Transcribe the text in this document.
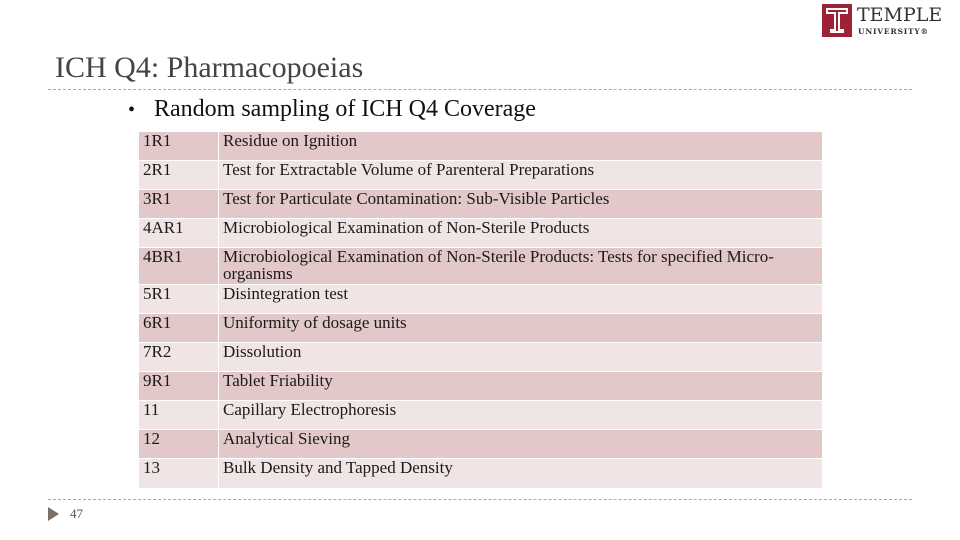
TEMPLE
UNIVERSITY®
ICH Q4: Pharmacopoeias
• Random sampling of ICH Q4 Coverage
1R1	Residue on Ignition
2R1	Test for Extractable Volume of Parenteral Preparations
3R1	Test for Particulate Contamination: Sub-Visible Particles
4AR1	Microbiological Examination of Non-Sterile Products
4BR1	Microbiological Examination of Non-Sterile Products: Tests for specified Micro-organisms
5R1	Disintegration test
6R1	Uniformity of dosage units
7R2	Dissolution
9R1	Tablet Friability
11	Capillary Electrophoresis
12	Analytical Sieving
13	Bulk Density and Tapped Density
47
